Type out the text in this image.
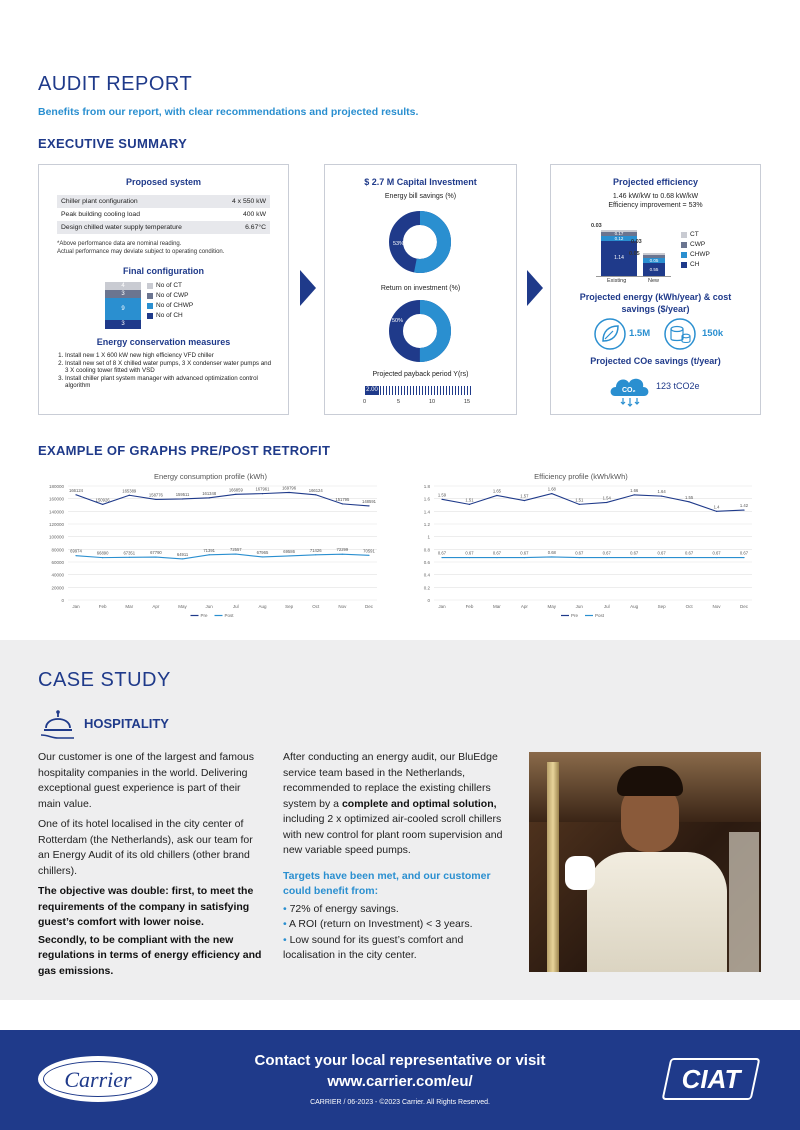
AUDIT REPORT
Benefits from our report, with clear recommendations and projected results.
EXECUTIVE SUMMARY
Proposed system
Chiller plant configuration	4 x 550 kW
Peak building cooling load	400 kW
Design chilled water supply temperature	6.67°C
*Above performance data are nominal reading.
Actual performance may deviate subject to operating condition.
Final configuration
4
3
9
3
No of CT
No of CWP
No of CHWP
No of CH
Energy conservation measures
1. Install new 1 X 600 kW new high efficiency VFD chiller
2. Install new set of 8 X chilled water pumps, 3 X condenser water pumps and 3 X cooling tower fitted with VSD
3. Install chiller plant system manager with advanced optimization control algorithm
$ 2.7 M Capital Investment
Energy bill savings (%)
53%
Return on investment (%)
50%
Projected payback period Y(rs)
2.00
0	5	10	15
Projected efficiency
1.46 kW/kW to 0.68 kW/kW
Efficiency improvement = 53%
0.17
0.12
1.14
0.03
0.05
0.55
0.03
0.05
Existing	New
CT
CWP
CHWP
CH
Projected energy (kWh/year) & cost savings ($/year)
1.5M	150k
Projected COe savings (t/year)
CO₂ 123 tCO2e
EXAMPLE OF GRAPHS PRE/POST RETROFIT
Energy consumption profile (kWh)
0
20000
40000
60000
80000
100000
120000
140000
160000
180000
Jan	Feb	Mar	Apr	May	Jun	Jul	Aug	Sep	Oct	Nov	Dec
166124
150926
165389
158776	159511	161348
166859	167961	169796	166124
151795	148591
69974	66890	67351	67790	64911
71391	72557
67965	69586	71426	72299	70591
Pre	Post
Efficiency profile (kWh/kWh)
0
0.2
0.4
0.6
0.8
1
1.2
1.4
1.6
1.8
Jan	Feb	Mar	Apr	May	Jun	Jul	Aug	Sep	Oct	Nov	Dec
1.59
1.51
1.65
1.57
1.68
1.51	1.54
1.66	1.64
1.55
1.4	1.42
0.67	0.67	0.67	0.67	0.68	0.67	0.67	0.67	0.67	0.67	0.67	0.67
Pre	Post
CASE STUDY
HOSPITALITY

Our customer is one of the largest and famous hospitality companies in the world. Delivering exceptional guest experience is part of their main value.

One of its hotel localised in the city center of Rotterdam (the Netherlands), ask our team for an Energy Audit of its old chillers (other brand chillers).

The objective was double: first, to meet the requirements of the company in satisfying guest’s comfort with lower noise.

Secondly, to be compliant with the new regulations in terms of energy efficiency and gas emissions.

After conducting an energy audit, our BluEdge service team based in the Netherlands, recommended to replace the existing chillers system by a complete and optimal solution, including 2 x optimized air-cooled scroll chillers with new control for plant room supervision and new variable speed pumps.

Targets have been met, and our customer could benefit from:

• 72% of energy savings.
• A ROI (return on Investment) < 3 years.
• Low sound for its guest’s comfort and localisation in the city center.
Carrier
Contact your local representative or visit
www.carrier.com/eu/
CARRIER / 06-2023 - ©2023 Carrier. All Rights Reserved.
CIAT
